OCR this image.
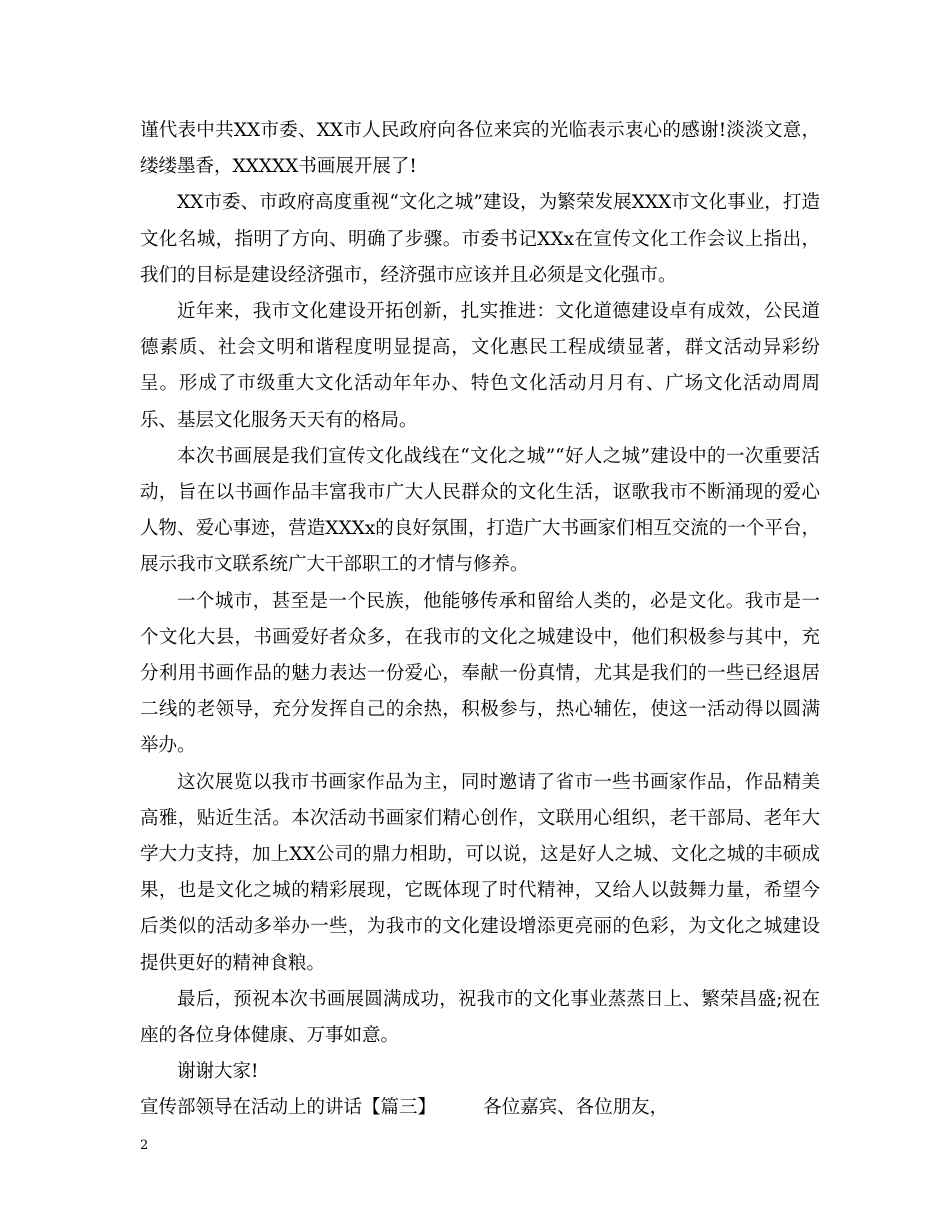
谨代表中共XX市委、XX市人民政府向各位来宾的光临表示衷心的感谢!淡淡文意，缕缕墨香，XXXXX书画展开展了!

XX市委、市政府高度重视“文化之城”建设，为繁荣发展XXX市文化事业，打造文化名城，指明了方向、明确了步骤。市委书记XXx在宣传文化工作会议上指出，我们的目标是建设经济强市，经济强市应该并且必须是文化强市。

近年来，我市文化建设开拓创新，扎实推进：文化道德建设卓有成效，公民道德素质、社会文明和谐程度明显提高，文化惠民工程成绩显著，群文活动异彩纷呈。形成了市级重大文化活动年年办、特色文化活动月月有、广场文化活动周周乐、基层文化服务天天有的格局。

本次书画展是我们宣传文化战线在“文化之城”“好人之城”建设中的一次重要活动，旨在以书画作品丰富我市广大人民群众的文化生活，讴歌我市不断涌现的爱心人物、爱心事迹，营造XXXx的良好氛围，打造广大书画家们相互交流的一个平台，展示我市文联系统广大干部职工的才情与修养。

一个城市，甚至是一个民族，他能够传承和留给人类的，必是文化。我市是一个文化大县，书画爱好者众多，在我市的文化之城建设中，他们积极参与其中，充分利用书画作品的魅力表达一份爱心，奉献一份真情，尤其是我们的一些已经退居二线的老领导，充分发挥自己的余热，积极参与，热心辅佐，使这一活动得以圆满举办。

这次展览以我市书画家作品为主，同时邀请了省市一些书画家作品，作品精美高雅，贴近生活。本次活动书画家们精心创作，文联用心组织，老干部局、老年大学大力支持，加上XX公司的鼎力相助，可以说，这是好人之城、文化之城的丰硕成果，也是文化之城的精彩展现，它既体现了时代精神，又给人以鼓舞力量，希望今后类似的活动多举办一些，为我市的文化建设增添更亮丽的色彩，为文化之城建设提供更好的精神食粮。

最后，预祝本次书画展圆满成功，祝我市的文化事业蒸蒸日上、繁荣昌盛;祝在座的各位身体健康、万事如意。

谢谢大家!

宣传部领导在活动上的讲话【篇三】	各位嘉宾、各位朋友，

2
